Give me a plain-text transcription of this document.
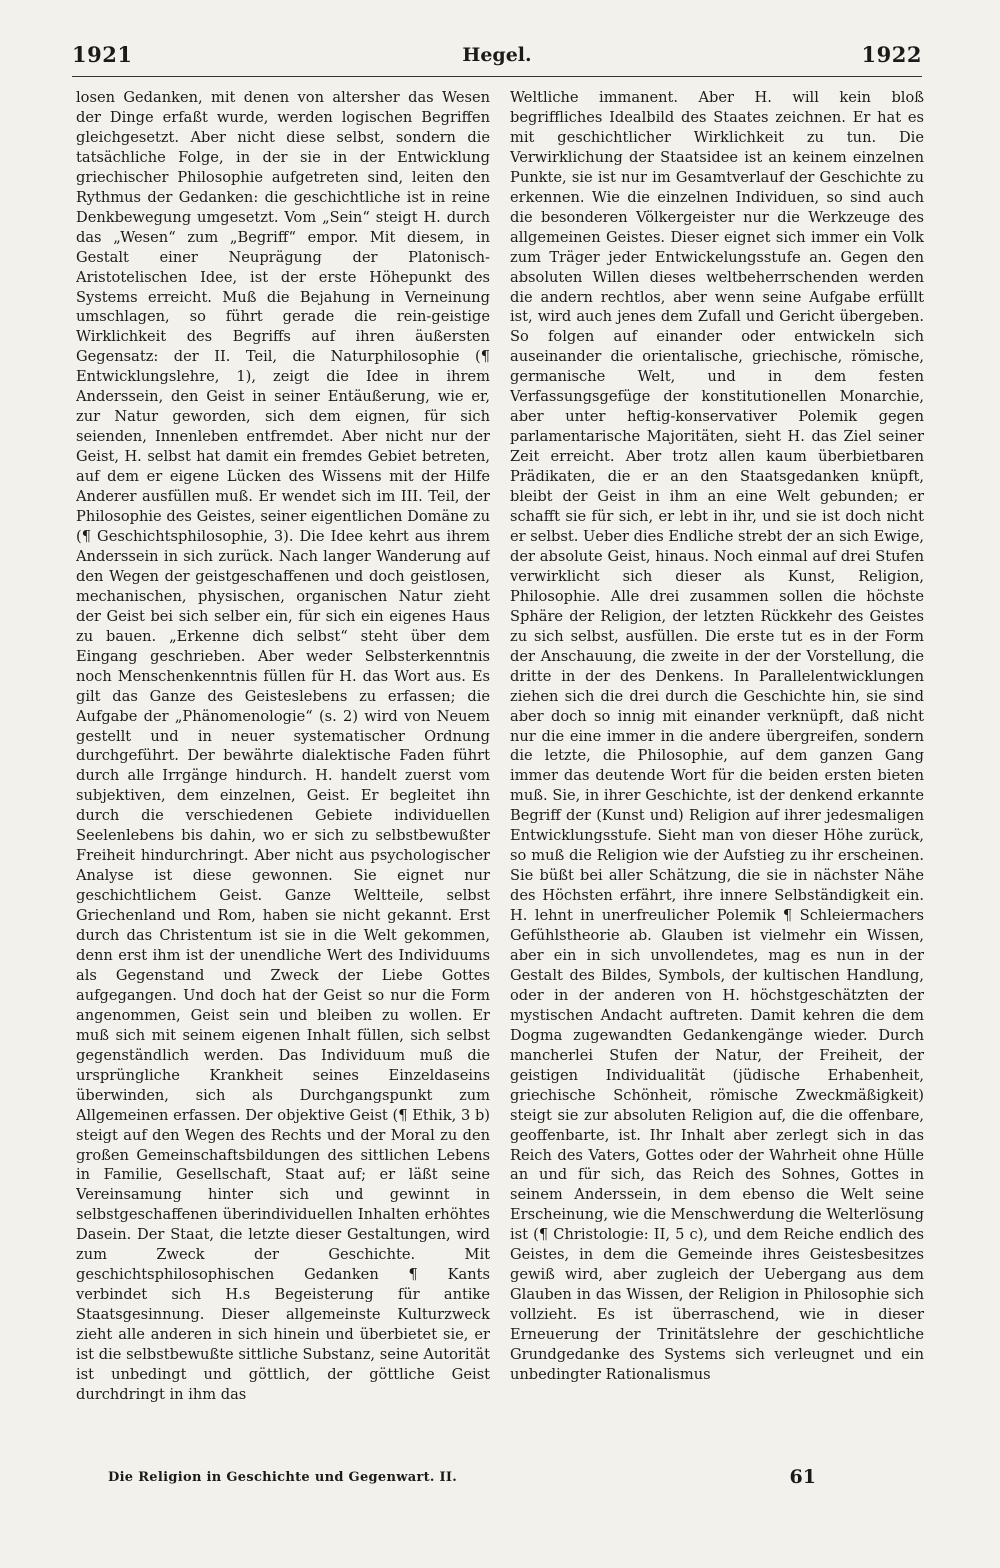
1921	Hegel.	1922

losen Gedanken, mit denen von altersher das Wesen der Dinge erfaßt wurde, werden logischen Begriffen gleichgesetzt. Aber nicht diese selbst, sondern die tatsächliche Folge, in der sie in der Entwicklung griechischer Philosophie aufgetreten sind, leiten den Rythmus der Gedanken: die geschichtliche ist in reine Denkbewegung umgesetzt. Vom „Sein“ steigt H. durch das „Wesen“ zum „Begriff“ empor. Mit diesem, in Gestalt einer Neuprägung der Platonisch-Aristotelischen Idee, ist der erste Höhepunkt des Systems erreicht. Muß die Bejahung in Verneinung umschlagen, so führt gerade die rein-geistige Wirklichkeit des Begriffs auf ihren äußersten Gegensatz: der II. Teil, die Naturphilosophie (¶ Entwicklungslehre, 1), zeigt die Idee in ihrem Anderssein, den Geist in seiner Entäußerung, wie er, zur Natur geworden, sich dem eignen, für sich seienden, Innenleben entfremdet. Aber nicht nur der Geist, H. selbst hat damit ein fremdes Gebiet betreten, auf dem er eigene Lücken des Wissens mit der Hilfe Anderer ausfüllen muß. Er wendet sich im III. Teil, der Philosophie des Geistes, seiner eigentlichen Domäne zu (¶ Geschichtsphilosophie, 3). Die Idee kehrt aus ihrem Anderssein in sich zurück. Nach langer Wanderung auf den Wegen der geistgeschaffenen und doch geistlosen, mechanischen, physischen, organischen Natur zieht der Geist bei sich selber ein, für sich ein eigenes Haus zu bauen. „Erkenne dich selbst“ steht über dem Eingang geschrieben. Aber weder Selbsterkenntnis noch Menschenkenntnis füllen für H. das Wort aus. Es gilt das Ganze des Geisteslebens zu erfassen; die Aufgabe der „Phänomenologie“ (s. 2) wird von Neuem gestellt und in neuer systematischer Ordnung durchgeführt. Der bewährte dialektische Faden führt durch alle Irrgänge hindurch. H. handelt zuerst vom subjektiven, dem einzelnen, Geist. Er begleitet ihn durch die verschiedenen Gebiete individuellen Seelenlebens bis dahin, wo er sich zu selbstbewußter Freiheit hindurchringt. Aber nicht aus psychologischer Analyse ist diese gewonnen. Sie eignet nur geschichtlichem Geist. Ganze Weltteile, selbst Griechenland und Rom, haben sie nicht gekannt. Erst durch das Christentum ist sie in die Welt gekommen, denn erst ihm ist der unendliche Wert des Individuums als Gegenstand und Zweck der Liebe Gottes aufgegangen. Und doch hat der Geist so nur die Form angenommen, Geist sein und bleiben zu wollen. Er muß sich mit seinem eigenen Inhalt füllen, sich selbst gegenständlich werden. Das Individuum muß die ursprüngliche Krankheit seines Einzeldaseins überwinden, sich als Durchgangspunkt zum Allgemeinen erfassen. Der objektive Geist (¶ Ethik, 3 b) steigt auf den Wegen des Rechts und der Moral zu den großen Gemeinschaftsbildungen des sittlichen Lebens in Familie, Gesellschaft, Staat auf; er läßt seine Vereinsamung hinter sich und gewinnt in selbstgeschaffenen überindividuellen Inhalten erhöhtes Dasein. Der Staat, die letzte dieser Gestaltungen, wird zum Zweck der Geschichte. Mit geschichtsphilosophischen Gedanken ¶ Kants verbindet sich H.s Begeisterung für antike Staatsgesinnung. Dieser allgemeinste Kulturzweck zieht alle anderen in sich hinein und überbietet sie, er ist die selbstbewußte sittliche Substanz, seine Autorität ist unbedingt und göttlich, der göttliche Geist durchdringt in ihm das

Weltliche immanent. Aber H. will kein bloß begriffliches Idealbild des Staates zeichnen. Er hat es mit geschichtlicher Wirklichkeit zu tun. Die Verwirklichung der Staatsidee ist an keinem einzelnen Punkte, sie ist nur im Gesamtverlauf der Geschichte zu erkennen. Wie die einzelnen Individuen, so sind auch die besonderen Völkergeister nur die Werkzeuge des allgemeinen Geistes. Dieser eignet sich immer ein Volk zum Träger jeder Entwickelungsstufe an. Gegen den absoluten Willen dieses weltbeherrschenden werden die andern rechtlos, aber wenn seine Aufgabe erfüllt ist, wird auch jenes dem Zufall und Gericht übergeben. So folgen auf einander oder entwickeln sich auseinander die orientalische, griechische, römische, germanische Welt, und in dem festen Verfassungsgefüge der konstitutionellen Monarchie, aber unter heftig-konservativer Polemik gegen parlamentarische Majoritäten, sieht H. das Ziel seiner Zeit erreicht. Aber trotz allen kaum überbietbaren Prädikaten, die er an den Staatsgedanken knüpft, bleibt der Geist in ihm an eine Welt gebunden; er schafft sie für sich, er lebt in ihr, und sie ist doch nicht er selbst. Ueber dies Endliche strebt der an sich Ewige, der absolute Geist, hinaus. Noch einmal auf drei Stufen verwirklicht sich dieser als Kunst, Religion, Philosophie. Alle drei zusammen sollen die höchste Sphäre der Religion, der letzten Rückkehr des Geistes zu sich selbst, ausfüllen. Die erste tut es in der Form der Anschauung, die zweite in der der Vorstellung, die dritte in der des Denkens. In Parallelentwicklungen ziehen sich die drei durch die Geschichte hin, sie sind aber doch so innig mit einander verknüpft, daß nicht nur die eine immer in die andere übergreifen, sondern die letzte, die Philosophie, auf dem ganzen Gang immer das deutende Wort für die beiden ersten bieten muß. Sie, in ihrer Geschichte, ist der denkend erkannte Begriff der (Kunst und) Religion auf ihrer jedesmaligen Entwicklungsstufe. Sieht man von dieser Höhe zurück, so muß die Religion wie der Aufstieg zu ihr erscheinen. Sie büßt bei aller Schätzung, die sie in nächster Nähe des Höchsten erfährt, ihre innere Selbständigkeit ein. H. lehnt in unerfreulicher Polemik ¶ Schleiermachers Gefühlstheorie ab. Glauben ist vielmehr ein Wissen, aber ein in sich unvollendetes, mag es nun in der Gestalt des Bildes, Symbols, der kultischen Handlung, oder in der anderen von H. höchstgeschätzten der mystischen Andacht auftreten. Damit kehren die dem Dogma zugewandten Gedankengänge wieder. Durch mancherlei Stufen der Natur, der Freiheit, der geistigen Individualität (jüdische Erhabenheit, griechische Schönheit, römische Zweckmäßigkeit) steigt sie zur absoluten Religion auf, die die offenbare, geoffenbarte, ist. Ihr Inhalt aber zerlegt sich in das Reich des Vaters, Gottes oder der Wahrheit ohne Hülle an und für sich, das Reich des Sohnes, Gottes in seinem Anderssein, in dem ebenso die Welt seine Erscheinung, wie die Menschwerdung die Welterlösung ist (¶ Christologie: II, 5 c), und dem Reiche endlich des Geistes, in dem die Gemeinde ihres Geistesbesitzes gewiß wird, aber zugleich der Uebergang aus dem Glauben in das Wissen, der Religion in Philosophie sich vollzieht. Es ist überraschend, wie in dieser Erneuerung der Trinitätslehre der geschichtliche Grundgedanke des Systems sich verleugnet und ein unbedingter Rationalismus

Die Religion in Geschichte und Gegenwart. II.	61
